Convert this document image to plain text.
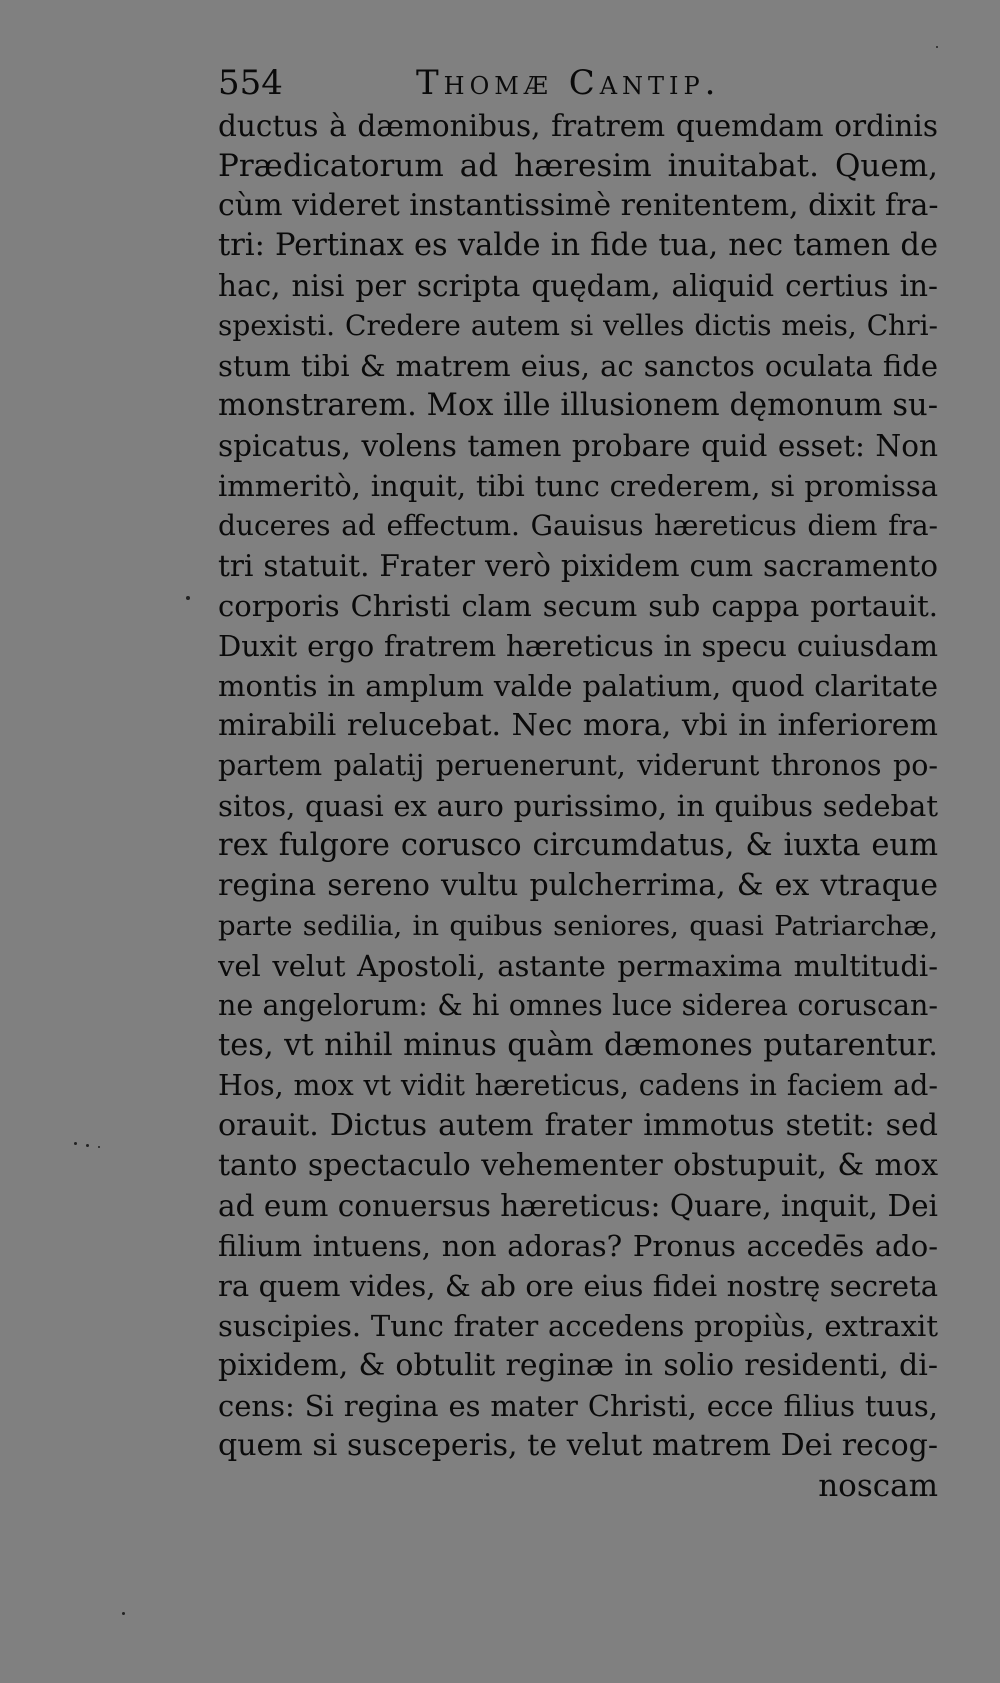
554	Thomæ Cantip.
ductus à dæmonibus, fratrem quemdam ordinis
Prædicatorum ad hæresim inuitabat. Quem,
cùm videret instantissimè renitentem, dixit fra-
tri: Pertinax es valde in fide tua, nec tamen de
hac, nisi per scripta quędam, aliquid certius in-
spexisti. Credere autem si velles dictis meis, Chri-
stum tibi & matrem eius, ac sanctos oculata fide
monstrarem. Mox ille illusionem dęmonum su-
spicatus, volens tamen probare quid esset: Non
immeritò, inquit, tibi tunc crederem, si promissa
duceres ad effectum. Gauisus hæreticus diem fra-
tri statuit. Frater verò pixidem cum sacramento
corporis Christi clam secum sub cappa portauit.
Duxit ergo fratrem hæreticus in specu cuiusdam
montis in amplum valde palatium, quod claritate
mirabili relucebat. Nec mora, vbi in inferiorem
partem palatij peruenerunt, viderunt thronos po-
sitos, quasi ex auro purissimo, in quibus sedebat
rex fulgore corusco circumdatus, & iuxta eum
regina sereno vultu pulcherrima, & ex vtraque
parte sedilia, in quibus seniores, quasi Patriarchæ,
vel velut Apostoli, astante permaxima multitudi-
ne angelorum: & hi omnes luce siderea coruscan-
tes, vt nihil minus quàm dæmones putarentur.
Hos, mox vt vidit hæreticus, cadens in faciem ad-
orauit. Dictus autem frater immotus stetit: sed
tanto spectaculo vehementer obstupuit, & mox
ad eum conuersus hæreticus: Quare, inquit, Dei
filium intuens, non adoras? Pronus accedēs ado-
ra quem vides, & ab ore eius fidei nostrę secreta
suscipies. Tunc frater accedens propiùs, extraxit
pixidem, & obtulit reginæ in solio residenti, di-
cens: Si regina es mater Christi, ecce filius tuus,
quem si susceperis, te velut matrem Dei recog-
noscam
